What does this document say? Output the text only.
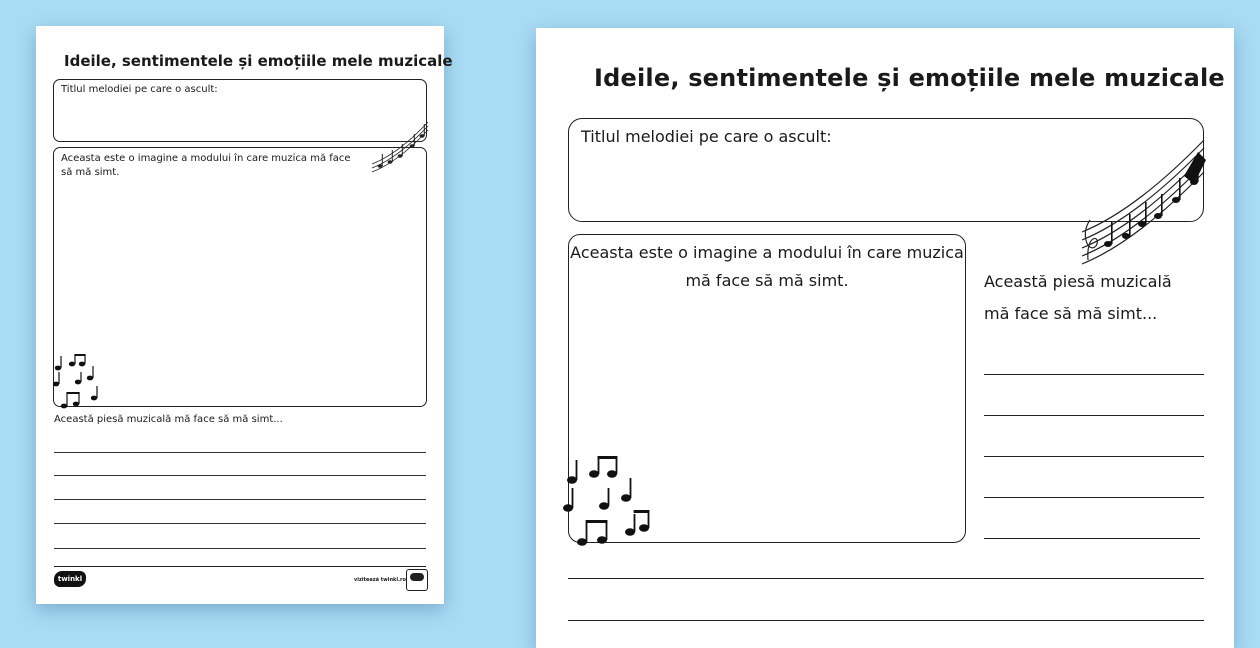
Ideile, sentimentele și emoțiile mele muzicale
Titlul melodiei pe care o ascult:
Aceasta este o imagine a modului în care muzica mă face să mă simt.
Această piesă muzicală mă face să mă simt...
twinkl	vizitează twinkl.ro
Ideile, sentimentele și emoțiile mele muzicale
Titlul melodiei pe care o ascult:
Aceasta este o imagine a modului în care muzica mă face să mă simt.	Această piesă muzicală mă face să mă simt...
